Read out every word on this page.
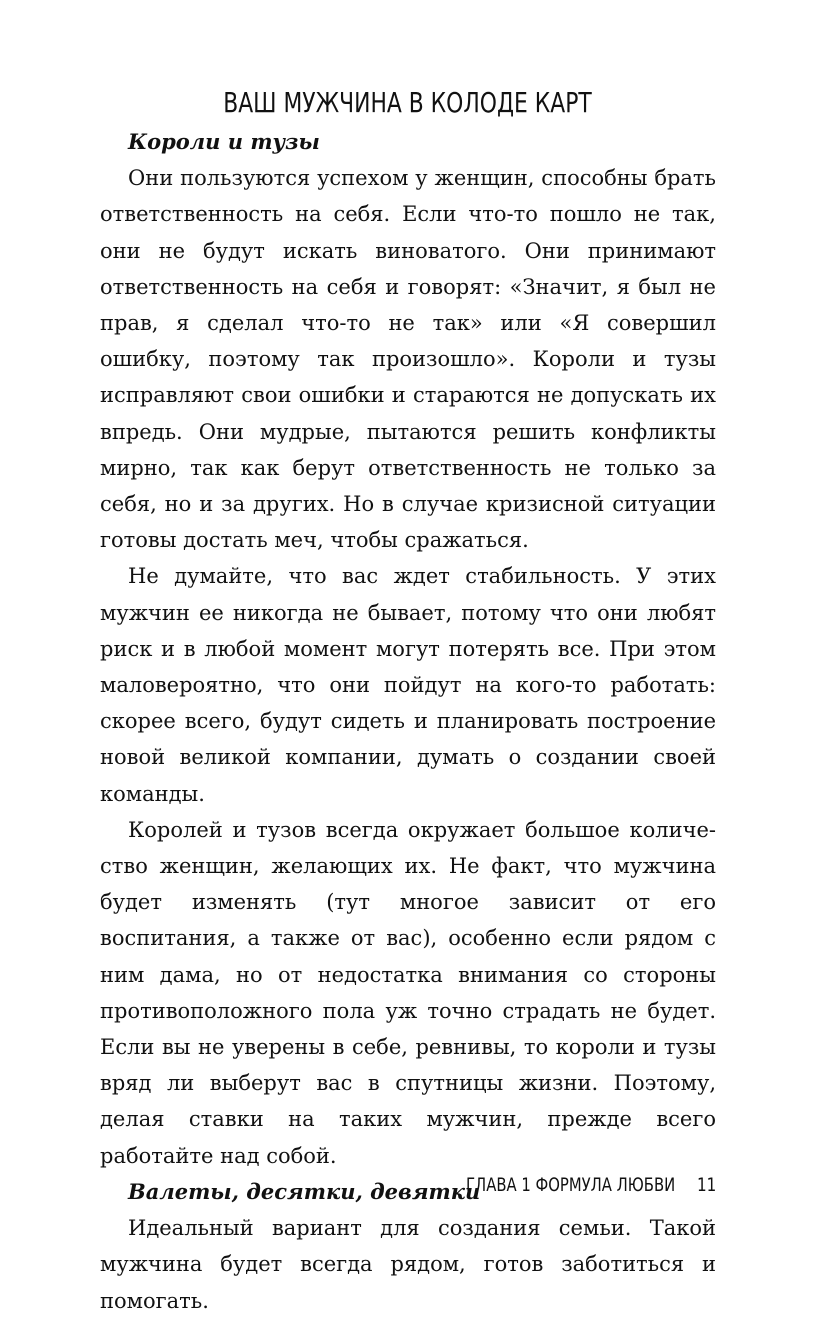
ВАШ МУЖЧИНА В КОЛОДЕ КАРТ
Короли и тузы

Они пользуются успехом у женщин, способны брать ответственность на себя. Если что-то пошло не так, они не будут искать виноватого. Они принимают ответственность на себя и говорят: «Значит, я был не прав, я сделал что-то не так» или «Я совершил ошибку, поэтому так произошло». Короли и тузы исправляют свои ошибки и стараются не допускать их впредь. Они мудрые, пытаются решить конфликты мирно, так как берут ответственность не только за себя, но и за других. Но в случае кризисной ситуации готовы достать меч, чтобы сражаться.

Не думайте, что вас ждет стабильность. У этих мужчин ее никогда не бывает, потому что они любят риск и в любой момент могут потерять все. При этом маловероятно, что они пойдут на кого-то работать: скорее всего, будут сидеть и планировать построение новой великой компании, думать о создании своей команды.

Королей и тузов всегда окружает большое количество женщин, желающих их. Не факт, что мужчина будет изменять (тут многое зависит от его воспитания, а также от вас), особенно если рядом с ним дама, но от недостатка внимания со стороны противоположного пола уж точно страдать не будет. Если вы не уверены в себе, ревнивы, то короли и тузы вряд ли выберут вас в спутницы жизни. Поэтому, делая ставки на таких мужчин, прежде всего работайте над собой.

Валеты, десятки, девятки

Идеальный вариант для создания семьи. Такой мужчина будет всегда рядом, готов заботиться и помогать.

ГЛАВА 1 ФОРМУЛА ЛЮБВИ 11
